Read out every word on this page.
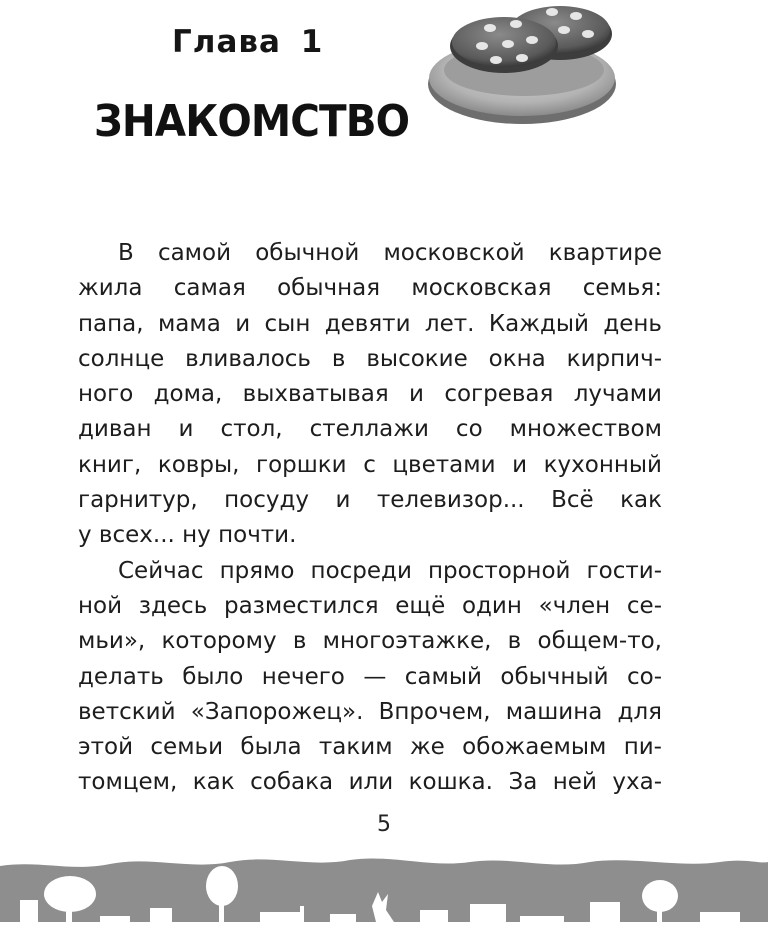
Глава 1
ЗНАКОМСТВО
В самой обычной московской квартире
жила самая обычная московская семья:
папа, мама и сын девяти лет. Каждый день
солнце вливалось в высокие окна кирпич-
ного дома, выхватывая и согревая лучами
диван и стол, стеллажи со множеством
книг, ковры, горшки с цветами и кухонный
гарнитур, посуду и телевизор... Всё как
у всех... ну почти.
Сейчас прямо посреди просторной гости-
ной здесь разместился ещё один «член се-
мьи», которому в многоэтажке, в общем-то,
делать было нечего — самый обычный со-
ветский «Запорожец». Впрочем, машина для
этой семьи была таким же обожаемым пи-
томцем, как собака или кошка. За ней уха-
5
